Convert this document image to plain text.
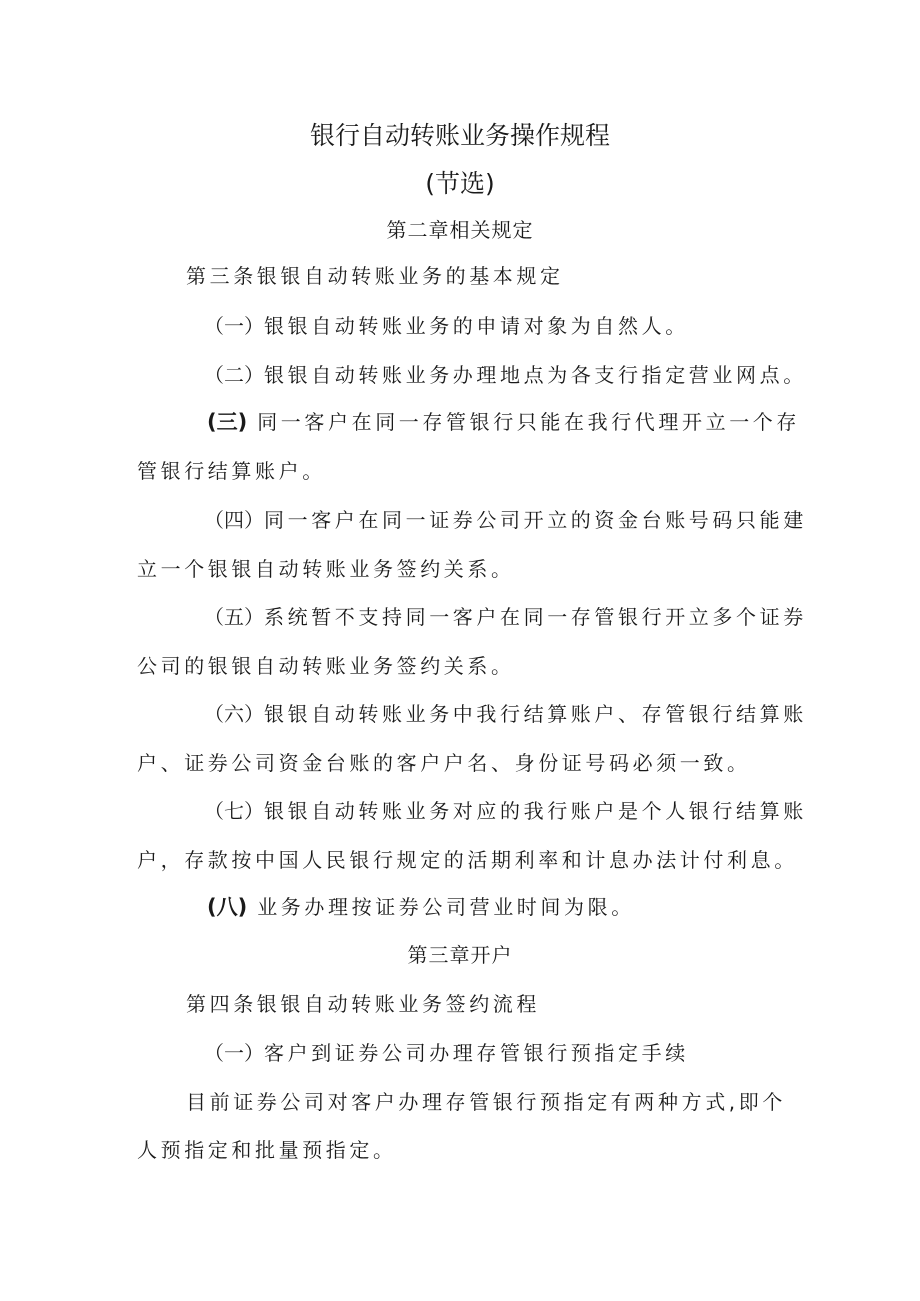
银行自动转账业务操作规程
(节选)
第二章相关规定
第三条银银自动转账业务的基本规定
（一）银银自动转账业务的申请对象为自然人。
（二）银银自动转账业务办理地点为各支行指定营业网点。
(三) 同一客户在同一存管银行只能在我行代理开立一个存
管银行结算账户。
（四）同一客户在同一证券公司开立的资金台账号码只能建
立一个银银自动转账业务签约关系。
（五）系统暂不支持同一客户在同一存管银行开立多个证券
公司的银银自动转账业务签约关系。
（六）银银自动转账业务中我行结算账户、存管银行结算账
户、证券公司资金台账的客户户名、身份证号码必须一致。
（七）银银自动转账业务对应的我行账户是个人银行结算账
户，存款按中国人民银行规定的活期利率和计息办法计付利息。
(八) 业务办理按证券公司营业时间为限。
第三章开户
第四条银银自动转账业务签约流程
（一）客户到证券公司办理存管银行预指定手续
目前证券公司对客户办理存管银行预指定有两种方式,即个
人预指定和批量预指定。
